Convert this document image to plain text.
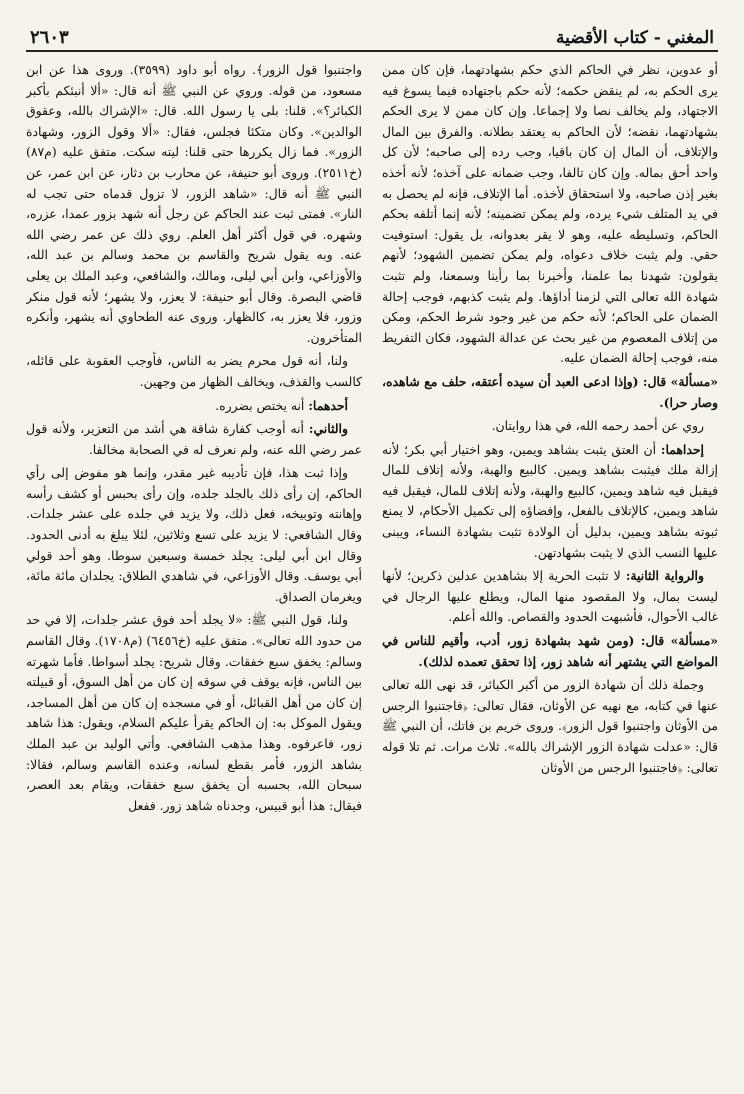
المغني - كتاب الأقضية
٢٦٠٣

أو عدوين، نظر في الحاكم الذي حكم بشهادتهما، فإن كان ممن يرى الحكم به، لم ينقض حكمه؛ لأنه حكم باجتهاده فيما يسوغ فيه الاجتهاد، ولم يخالف نصا ولا إجماعا. وإن كان ممن لا يرى الحكم بشهادتهما، نقضه؛ لأن الحاكم به يعتقد بطلانه. والفرق بين المال والإتلاف، أن المال إن كان باقيا، وجب رده إلى صاحبه؛ لأن كل واحد أحق بماله. وإن كان تالفا، وجب ضمانه على آخذه؛ لأنه أخذه بغير إذن صاحبه، ولا استحقاق لأخذه. أما الإتلاف، فإنه لم يحصل به في يد المتلف شيء يرده، ولم يمكن تضمينه؛ لأنه إنما أتلفه بحكم الحاكم، وتسليطه عليه، وهو لا يقر بعدوانه، بل يقول: استوفيت حقي. ولم يثبت خلاف دعواه، ولم يمكن تضمين الشهود؛ لأنهم يقولون: شهدنا بما علمنا، وأخبرنا بما رأينا وسمعنا، ولم تثبت شهادة الله تعالى التي لزمنا أداؤها. ولم يثبت كذبهم، فوجب إحالة الضمان على الحاكم؛ لأنه حكم من غير وجود شرط الحكم، ومكن من إتلاف المعصوم من غير بحث عن عدالة الشهود، فكان التفريط منه، فوجب إحالة الضمان عليه.

«مسألة» قال: (وإذا ادعى العبد أن سيده أعتقه، حلف مع شاهده، وصار حرا).

روي عن أحمد رحمه الله، في هذا روايتان.

إحداهما: أن العتق يثبت بشاهد ويمين، وهو اختيار أبي بكر؛ لأنه إزالة ملك فيثبت بشاهد ويمين. كالبيع والهبة، ولأنه إتلاف للمال فيقبل فيه شاهد ويمين، كالبيع والهبة، ولأنه إتلاف للمال، فيقبل فيه شاهد ويمين، كالإتلاف بالفعل، وإفضاؤه إلى تكميل الأحكام، لا يمنع ثبوته بشاهد ويمين، بدليل أن الولادة تثبت بشهادة النساء، ويبنى عليها النسب الذي لا يثبت بشهادتهن.

والرواية الثانية: لا تثبت الحرية إلا بشاهدين عدلين ذكرين؛ لأنها ليست بمال، ولا المقصود منها المال، ويطلع عليها الرجال في غالب الأحوال، فأشبهت الحدود والقصاص. والله أعلم.

«مسألة» قال: (ومن شهد بشهادة زور، أدب، وأقيم للناس في المواضع التي يشتهر أنه شاهد زور، إذا تحقق تعمده لذلك).

وجملة ذلك أن شهادة الزور من أكبر الكبائر، قد نهى الله تعالى عنها في كتابه، مع نهيه عن الأوثان، فقال تعالى: ﴿فاجتنبوا الرجس من الأوثان واجتنبوا قول الزور﴾. وروى خريم بن فاتك، أن النبي ﷺ قال: «عدلت شهادة الزور الإشراك بالله». ثلاث مرات. ثم تلا قوله تعالى: ﴿فاجتنبوا الرجس من الأوثان

واجتنبوا قول الزور﴾. رواه أبو داود (٣٥٩٩). وروى هذا عن ابن مسعود، من قوله. وروي عن النبي ﷺ أنه قال: «ألا أنبئكم بأكبر الكبائر؟». قلنا: بلى يا رسول الله. قال: «الإشراك بالله، وعقوق الوالدين». وكان متكئا فجلس، فقال: «ألا وقول الزور، وشهادة الزور». فما زال يكررها حتى قلنا: ليته سكت. متفق عليه (م٨٧) (خ٢٥١١). وروى أبو حنيفة، عن محارب بن دثار، عن ابن عمر، عن النبي ﷺ أنه قال: «شاهد الزور، لا تزول قدماه حتى تجب له النار». فمتى ثبت عند الحاكم عن رجل أنه شهد بزور عمدا، عزره، وشهره. في قول أكثر أهل العلم. روي ذلك عن عمر رضي الله عنه. وبه يقول شريح والقاسم بن محمد وسالم بن عبد الله، والأوزاعي، وابن أبي ليلى، ومالك، والشافعي، وعبد الملك بن يعلى قاضي البصرة. وقال أبو حنيفة: لا يعزر، ولا يشهر؛ لأنه قول منكر وزور، فلا يعزر به، كالظهار. وروى عنه الطحاوي أنه يشهر، وأنكره المتأخرون.

ولنا، أنه قول محرم يضر به الناس، فأوجب العقوبة على قائله، كالسب والقذف، ويخالف الظهار من وجهين.

أحدهما: أنه يختص بضرره.

والثاني: أنه أوجب كفارة شاقة هي أشد من التعزير، ولأنه قول عمر رضي الله عنه، ولم نعرف له في الصحابة مخالفا.

وإذا ثبت هذا، فإن تأديبه غير مقدر، وإنما هو مفوض إلى رأي الحاكم، إن رأى ذلك بالجلد جلده، وإن رأى بحبس أو كشف رأسه وإهانته وتوبيخه، فعل ذلك، ولا يزيد في جلده على عشر جلدات. وقال الشافعي: لا يزيد على تسع وثلاثين، لئلا يبلغ به أدنى الحدود. وقال ابن أبي ليلى: يجلد خمسة وسبعين سوطا. وهو أحد قولي أبي يوسف. وقال الأوزاعي، في شاهدي الطلاق: يجلدان مائة مائة، ويغرمان الصداق.

ولنا، قول النبي ﷺ: «لا يجلد أحد فوق عشر جلدات، إلا في حد من حدود الله تعالى». متفق عليه (خ٦٤٥٦) (م١٧٠٨). وقال القاسم وسالم: يخفق سبع خفقات. وقال شريح: يجلد أسواطا. فأما شهرته بين الناس، فإنه يوقف في سوقه إن كان من أهل السوق، أو قبيلته إن كان من أهل القبائل، أو في مسجده إن كان من أهل المساجد، ويقول الموكل به: إن الحاكم يقرأ عليكم السلام، ويقول: هذا شاهد زور، فاعرفوه. وهذا مذهب الشافعي. وأتي الوليد بن عبد الملك بشاهد الزور، فأمر بقطع لسانه، وعنده القاسم وسالم، فقالا: سبحان الله، بحسبه أن يخفق سبع خفقات، ويقام بعد العصر، فيقال: هذا أبو قبيس، وجدناه شاهد زور. ففعل
